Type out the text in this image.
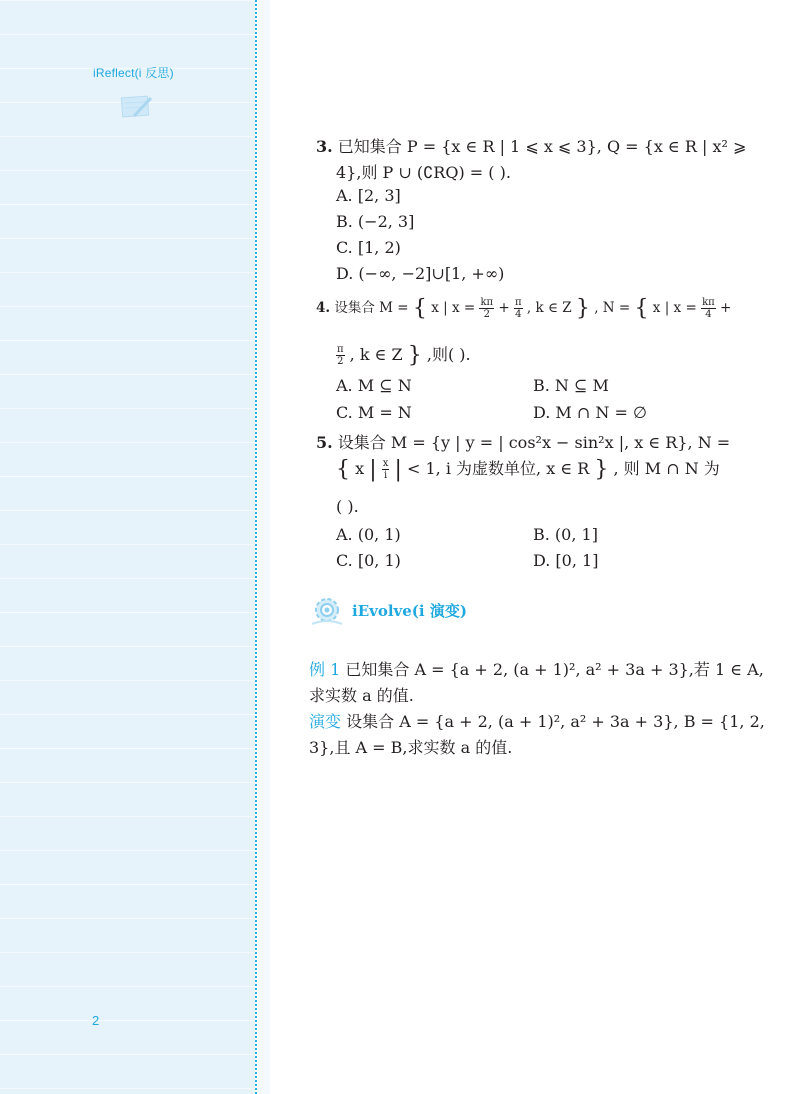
iReflect(i 反思)
2
3. 已知集合 P = {x ∈ R | 1 ⩽ x ⩽ 3}, Q = {x ∈ R | x² ⩾
4},则 P ∪ (∁RQ) = ( ).
A. [2, 3]
B. (−2, 3]
C. [1, 2)
D. (−∞, −2]∪[1, +∞)
4. 设集合 M = { x | $x = \frac{k\pi}{2} + \frac{\pi}{4}$ , k ∈ Z } , N = { x | $x = \frac{k\pi}{4}$ +
$\frac{\pi}{2}$ , k ∈ Z } ,则( ).
A. M ⊆ N	B. N ⊆ M
C. M = N	D. M ∩ N = ∅
5. 设集合 M = {y | y = | cos²x − sin²x |, x ∈ R}, N =
{ x | $\frac{x}{i}$ | < 1, i 为虚数单位, x ∈ R } , 则 M ∩ N 为
( ).
A. (0, 1)	B. (0, 1]
C. [0, 1)	D. [0, 1]
iEvolve(i 演变)
例 1 已知集合 A = {a + 2, (a + 1)², a² + 3a + 3},若 1 ∈ A,
求实数 a 的值.
演变 设集合 A = {a + 2, (a + 1)², a² + 3a + 3}, B = {1, 2,
3},且 A = B,求实数 a 的值.
